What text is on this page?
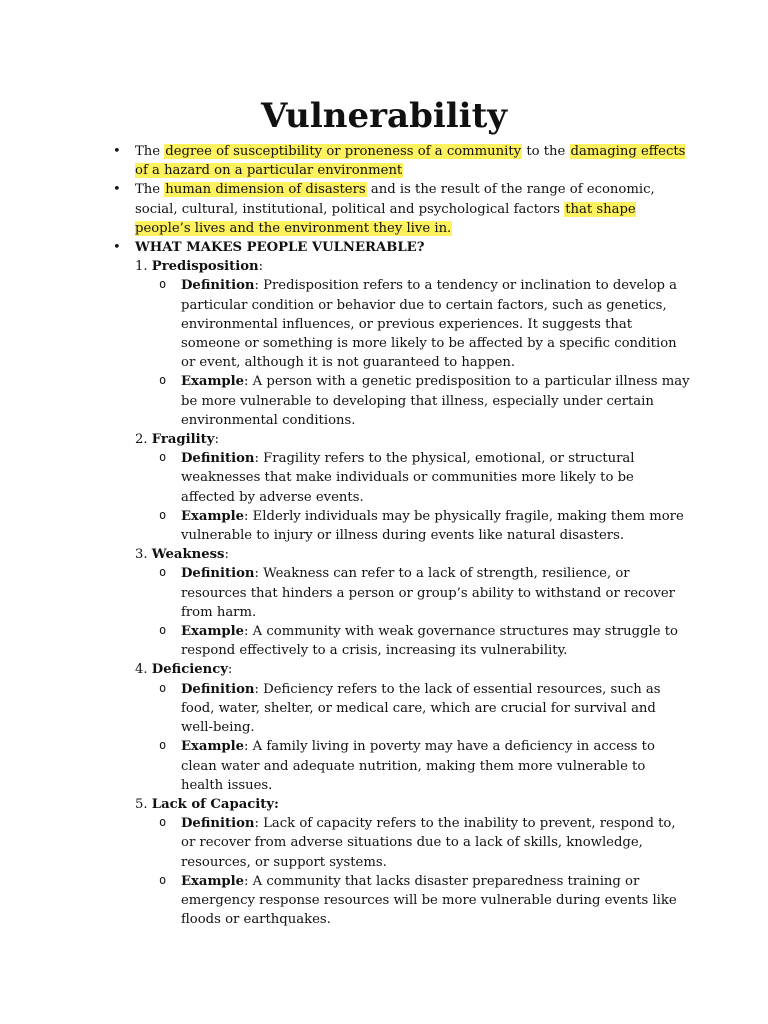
Vulnerability
• The degree of susceptibility or proneness of a community to the damaging effects of a hazard on a particular environment
• The human dimension of disasters and is the result of the range of economic, social, cultural, institutional, political and psychological factors that shape people’s lives and the environment they live in.
• WHAT MAKES PEOPLE VULNERABLE?
1. Predisposition:
o Definition: Predisposition refers to a tendency or inclination to develop a particular condition or behavior due to certain factors, such as genetics, environmental influences, or previous experiences. It suggests that someone or something is more likely to be affected by a specific condition or event, although it is not guaranteed to happen.
o Example: A person with a genetic predisposition to a particular illness may be more vulnerable to developing that illness, especially under certain environmental conditions.
2. Fragility:
o Definition: Fragility refers to the physical, emotional, or structural weaknesses that make individuals or communities more likely to be affected by adverse events.
o Example: Elderly individuals may be physically fragile, making them more vulnerable to injury or illness during events like natural disasters.
3. Weakness:
o Definition: Weakness can refer to a lack of strength, resilience, or resources that hinders a person or group’s ability to withstand or recover from harm.
o Example: A community with weak governance structures may struggle to respond effectively to a crisis, increasing its vulnerability.
4. Deficiency:
o Definition: Deficiency refers to the lack of essential resources, such as food, water, shelter, or medical care, which are crucial for survival and well-being.
o Example: A family living in poverty may have a deficiency in access to clean water and adequate nutrition, making them more vulnerable to health issues.
5. Lack of Capacity:
o Definition: Lack of capacity refers to the inability to prevent, respond to, or recover from adverse situations due to a lack of skills, knowledge, resources, or support systems.
o Example: A community that lacks disaster preparedness training or emergency response resources will be more vulnerable during events like floods or earthquakes.
